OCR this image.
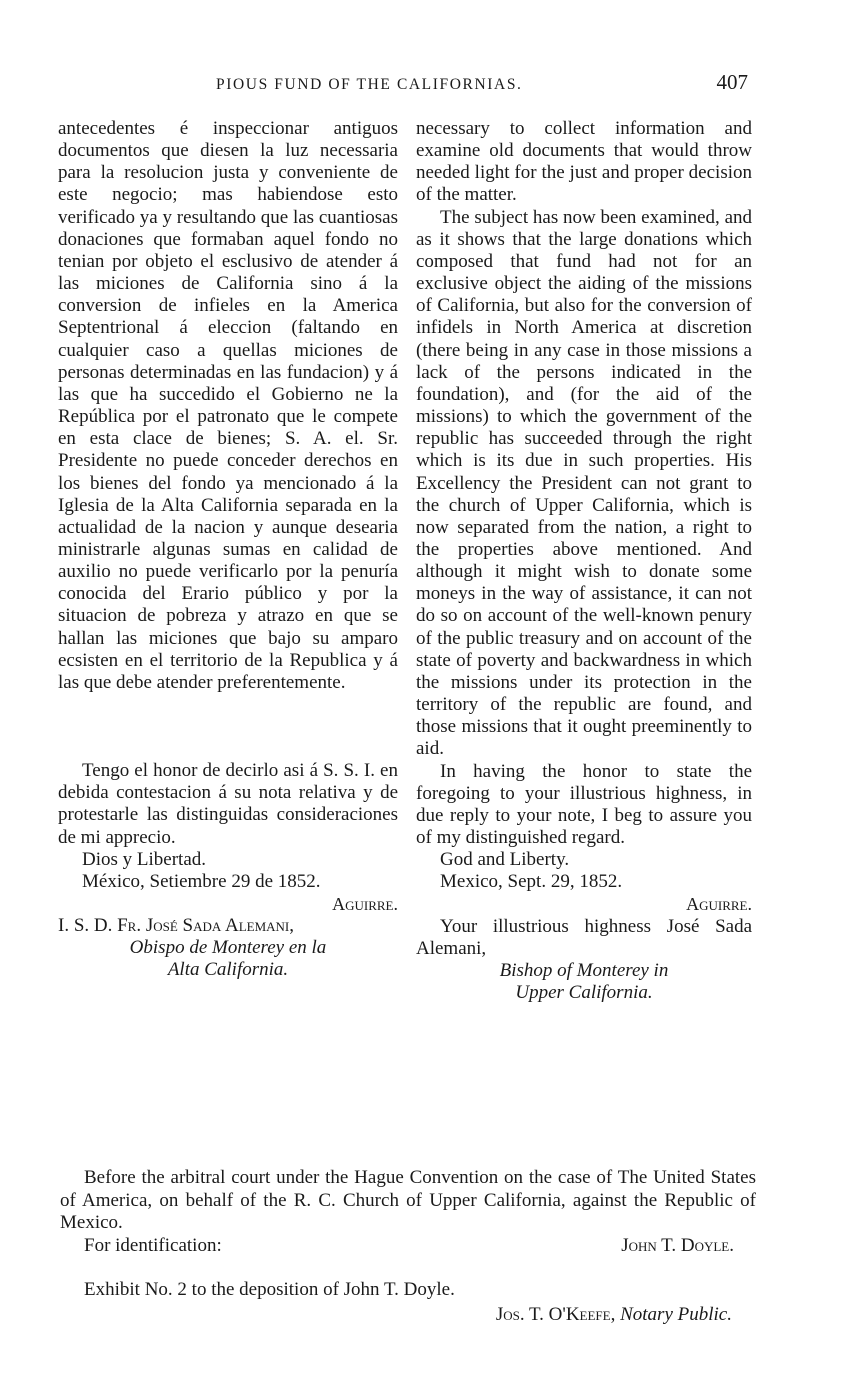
PIOUS FUND OF THE CALIFORNIAS.	407

antecedentes é inspeccionar antiguos documentos que diesen la luz necessaria para la resolucion justa y conveniente de este negocio; mas habiendose esto verificado ya y resultando que las cuantiosas donaciones que formaban aquel fondo no tenian por objeto el esclusivo de atender á las miciones de California sino á la conversion de infieles en la America Septentrional á eleccion (faltando en cualquier caso a quellas miciones de personas determinadas en las fundacion) y á las que ha succedido el Gobierno ne la República por el patronato que le compete en esta clace de bienes; S. A. el. Sr. Presidente no puede conceder derechos en los bienes del fondo ya mencionado á la Iglesia de la Alta California separada en la actualidad de la nacion y aunque desearia ministrarle algunas sumas en calidad de auxilio no puede verificarlo por la penuría conocida del Erario público y por la situacion de pobreza y atrazo en que se hallan las miciones que bajo su amparo ecsisten en el territorio de la Republica y á las que debe atender preferentemente.

Tengo el honor de decirlo asi á S. S. I. en debida contestacion á su nota relativa y de protestarle las distinguidas consideraciones de mi apprecio.

Dios y Libertad.

México, Setiembre 29 de 1852.

Aguirre.

I. S. D. Fr. José Sada Alemani,

Obispo de Monterey en la

Alta California.

necessary to collect information and examine old documents that would throw needed light for the just and proper decision of the matter.

The subject has now been examined, and as it shows that the large donations which composed that fund had not for an exclusive object the aiding of the missions of California, but also for the conversion of infidels in North America at discretion (there being in any case in those missions a lack of the persons indicated in the foundation), and (for the aid of the missions) to which the government of the republic has succeeded through the right which is its due in such properties. His Excellency the President can not grant to the church of Upper California, which is now separated from the nation, a right to the properties above mentioned. And although it might wish to donate some moneys in the way of assistance, it can not do so on account of the well-known penury of the public treasury and on account of the state of poverty and backwardness in which the missions under its protection in the territory of the republic are found, and those missions that it ought preeminently to aid.

In having the honor to state the foregoing to your illustrious highness, in due reply to your note, I beg to assure you of my distinguished regard.

God and Liberty.

Mexico, Sept. 29, 1852.

Aguirre.

Your illustrious highness José Sada Alemani,

Bishop of Monterey in

Upper California.

Before the arbitral court under the Hague Convention on the case of The United States of America, on behalf of the R. C. Church of Upper California, against the Republic of Mexico.

For identification:	John T. Doyle.

Exhibit No. 2 to the deposition of John T. Doyle.

Jos. T. O'Keefe, Notary Public.
